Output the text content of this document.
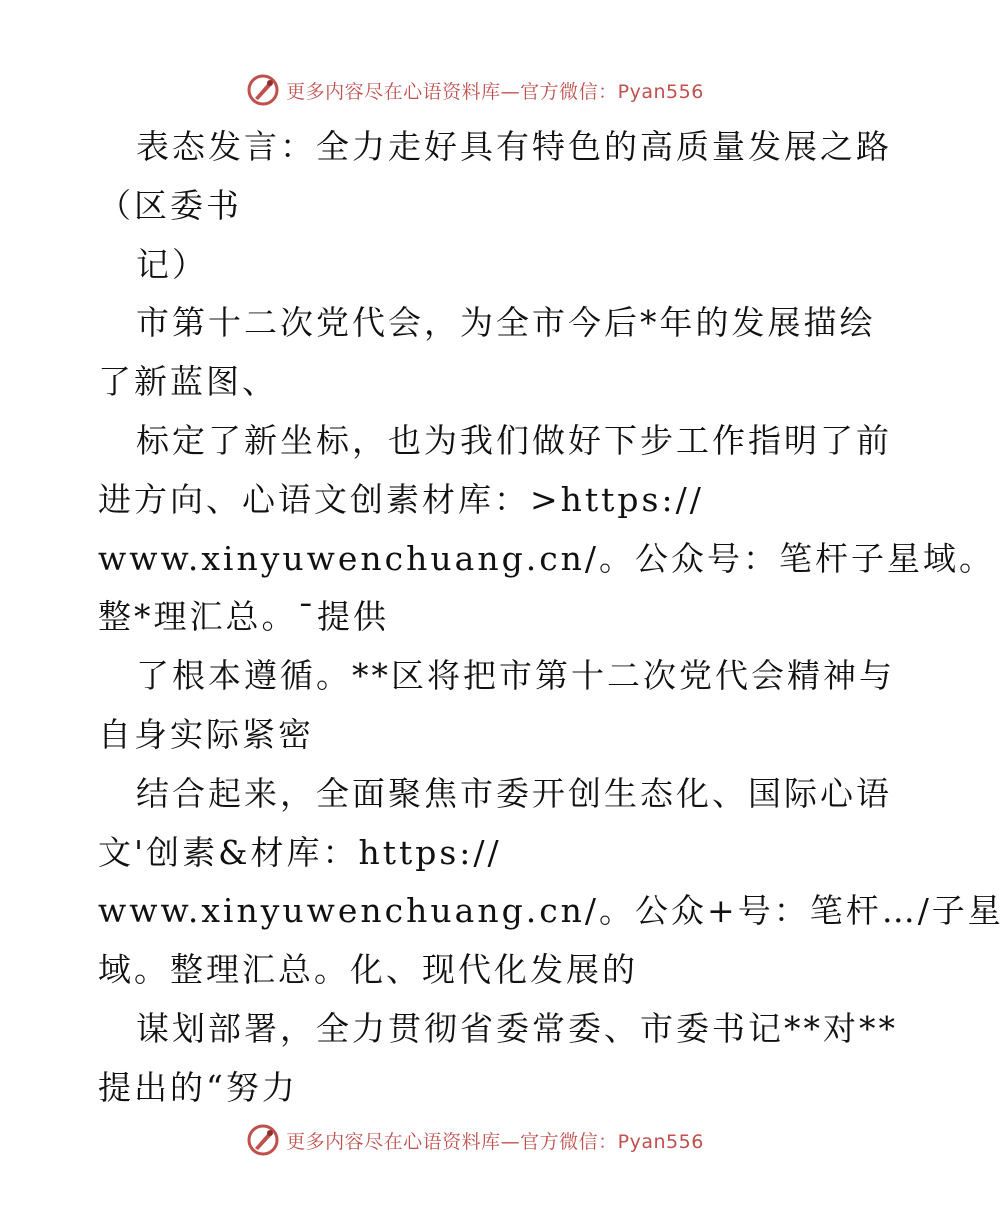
更多内容尽在心语资料库—官方微信：Pyan556
表态发言：全力走好具有特色的高质量发展之路
（区委书
记）
市第十二次党代会，为全市今后*年的发展描绘
了新蓝图、
标定了新坐标，也为我们做好下步工作指明了前
进方向、心语文创素材库：>https://
www.xinyuwenchuang.cn/。公众号：笔杆子星域。
整*理汇总。¯提供
了根本遵循。**区将把市第十二次党代会精神与
自身实际紧密
结合起来，全面聚焦市委开创生态化、国际心语
文'创素&材库：https://
www.xinyuwenchuang.cn/。公众+号：笔杆…/子星
域。整理汇总。化、现代化发展的
谋划部署，全力贯彻省委常委、市委书记**对**
提出的“努力
更多内容尽在心语资料库—官方微信：Pyan556
